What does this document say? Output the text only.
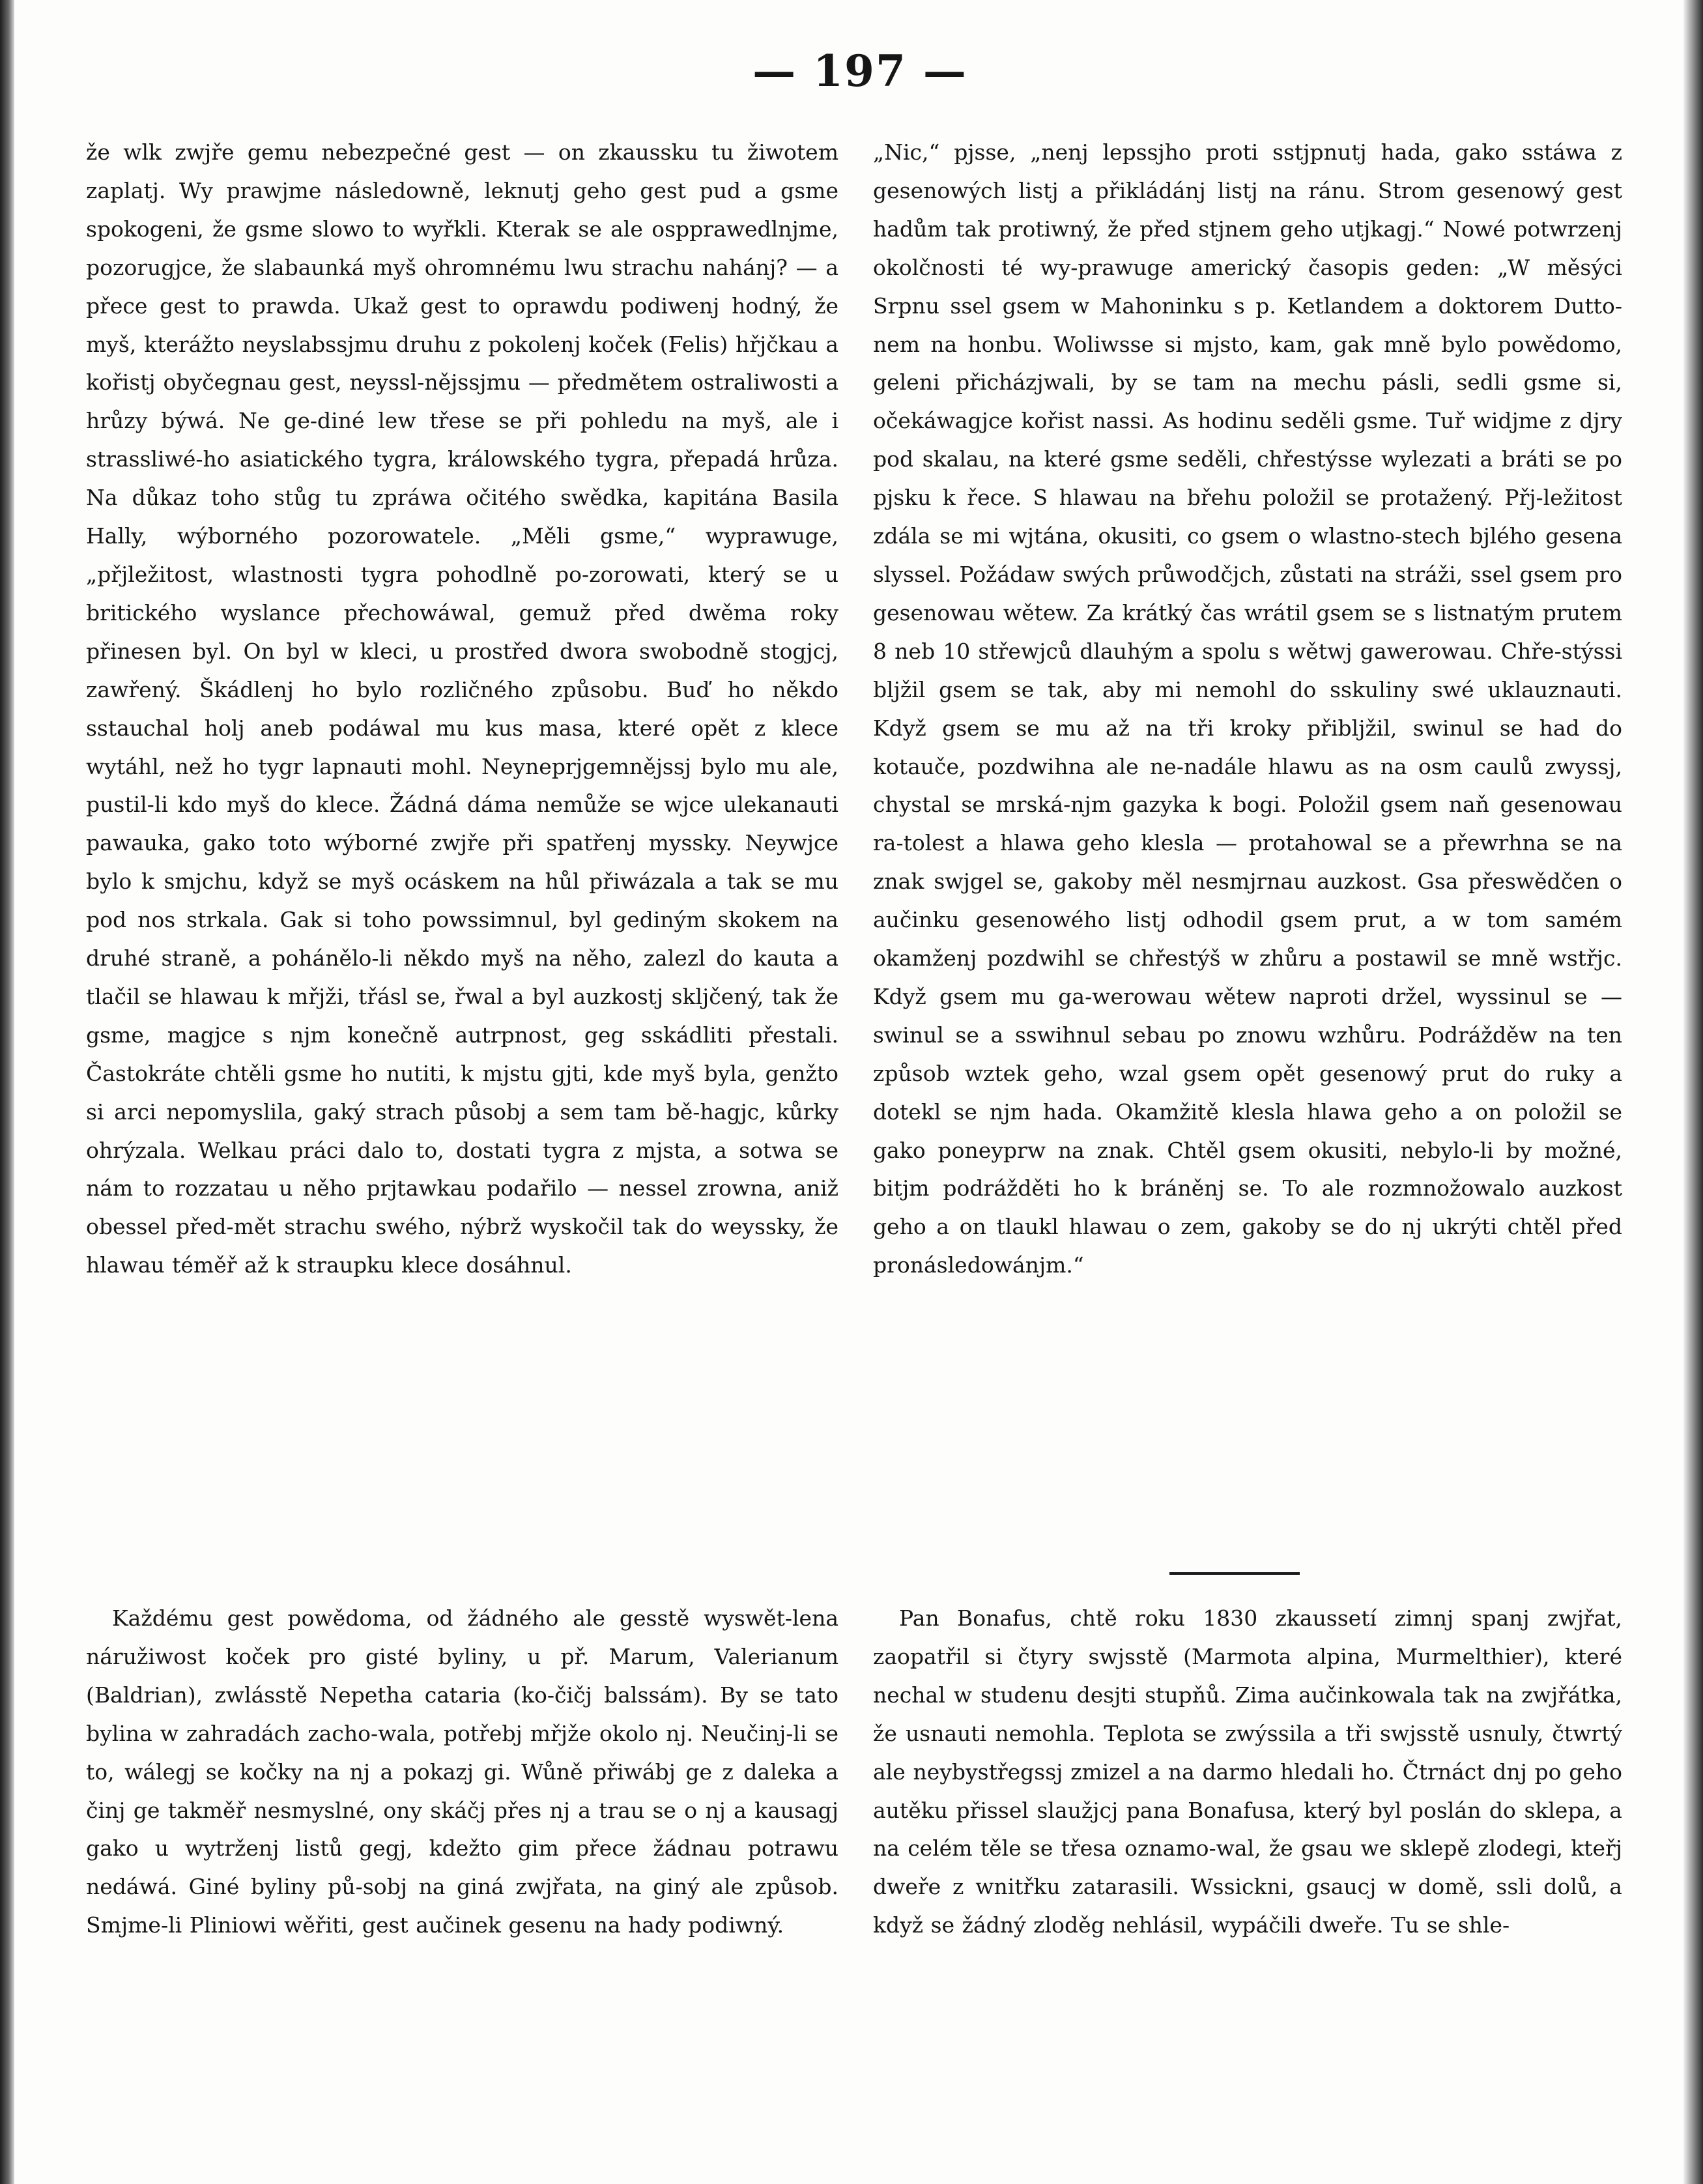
— 197 —

že wlk zwjře gemu nebezpečné gest — on zkaussku tu žiwotem zaplatj. Wy prawjme následowně, leknutj geho gest pud a gsme spokogeni, že gsme slowo to wyřkli. Kterak se ale ospprawedlnjme, pozorugjce, že slabaunká myš ohromnému lwu strachu nahánj? — a přece gest to prawda. Ukaž gest to oprawdu podiwenj hodný, že myš, kterážto neyslabssjmu druhu z pokolenj koček (Felis) hřjčkau a kořistj obyčegnau gest, neyssl-nějssjmu — předmětem ostraliwosti a hrůzy býwá. Ne ge-diné lew třese se při pohledu na myš, ale i strassliwé-ho asiatického tygra, králowského tygra, přepadá hrůza. Na důkaz toho stůg tu zpráwa očitého swědka, kapitána Basila Hally, wýborného pozorowatele. „Měli gsme,“ wyprawuge, „přjležitost, wlastnosti tygra pohodlně po-zorowati, který se u britického wyslance přechowáwal, gemuž před dwěma roky přinesen byl. On byl w kleci, u prostřed dwora swobodně stogjcj, zawřený. Škádlenj ho bylo rozličného způsobu. Buď ho někdo sstauchal holj aneb podáwal mu kus masa, které opět z klece wytáhl, než ho tygr lapnauti mohl. Neyneprjgemnějssj bylo mu ale, pustil-li kdo myš do klece. Žádná dáma nemůže se wjce ulekanauti pawauka, gako toto wýborné zwjře při spatřenj myssky. Neywjce bylo k smjchu, když se myš ocáskem na hůl přiwázala a tak se mu pod nos strkala. Gak si toho powssimnul, byl gediným skokem na druhé straně, a pohánělo-li někdo myš na něho, zalezl do kauta a tlačil se hlawau k mřjži, třásl se, řwal a byl auzkostj skljčený, tak že gsme, magjce s njm konečně autrpnost, geg sskádliti přestali. Častokráte chtěli gsme ho nutiti, k mjstu gjti, kde myš byla, genžto si arci nepomyslila, gaký strach působj a sem tam bě-hagjc, kůrky ohrýzala. Welkau práci dalo to, dostati tygra z mjsta, a sotwa se nám to rozzatau u něho prjtawkau podařilo — nessel zrowna, aniž obessel před-mět strachu swého, nýbrž wyskočil tak do weyssky, že hlawau téměř až k straupku klece dosáhnul.

Každému gest powědoma, od žádného ale gesstě wyswět-lena náružiwost koček pro gisté byliny, u př. Marum, Valerianum (Baldrian), zwlásstě Nepetha cataria (ko-čičj balssám). By se tato bylina w zahradách zacho-wala, potřebj mřjže okolo nj. Neučinj-li se to, wálegj se kočky na nj a pokazj gi. Wůně přiwábj ge z daleka a činj ge takměř nesmyslné, ony skáčj přes nj a trau se o nj a kausagj gako u wytrženj listů gegj, kdežto gim přece žádnau potrawu nedáwá. Giné byliny pů-sobj na giná zwjřata, na giný ale způsob. Smjme-li Pliniowi wěřiti, gest aučinek gesenu na hady podiwný.

„Nic,“ pjsse, „nenj lepssjho proti sstjpnutj hada, gako sstáwa z gesenowých listj a přikládánj listj na ránu. Strom gesenowý gest hadům tak protiwný, že před stjnem geho utjkagj.“ Nowé potwrzenj okolčnosti té wy-prawuge americký časopis geden: „W měsýci Srpnu ssel gsem w Mahoninku s p. Ketlandem a doktorem Dutto-nem na honbu. Woliwsse si mjsto, kam, gak mně bylo powědomo, geleni přicházjwali, by se tam na mechu pásli, sedli gsme si, očekáwagjce kořist nassi. As hodinu seděli gsme. Tuř widjme z djry pod skalau, na které gsme seděli, chřestýsse wylezati a bráti se po pjsku k řece. S hlawau na břehu položil se protažený. Přj-ležitost zdála se mi wjtána, okusiti, co gsem o wlastno-stech bjlého gesena slyssel. Požádaw swých průwodčjch, zůstati na stráži, ssel gsem pro gesenowau wětew. Za krátký čas wrátil gsem se s listnatým prutem 8 neb 10 střewjců dlauhým a spolu s wětwj gawerowau. Chře-stýssi bljžil gsem se tak, aby mi nemohl do sskuliny swé uklauznauti. Když gsem se mu až na tři kroky přibljžil, swinul se had do kotauče, pozdwihna ale ne-nadále hlawu as na osm caulů zwyssj, chystal se mrská-njm gazyka k bogi. Položil gsem naň gesenowau ra-tolest a hlawa geho klesla — protahowal se a přewrhna se na znak swjgel se, gakoby měl nesmjrnau auzkost. Gsa přeswědčen o aučinku gesenowého listj odhodil gsem prut, a w tom samém okamženj pozdwihl se chřestýš w zhůru a postawil se mně wstřjc. Když gsem mu ga-werowau wětew naproti držel, wyssinul se — swinul se a sswihnul sebau po znowu wzhůru. Podrážděw na ten způsob wztek geho, wzal gsem opět gesenowý prut do ruky a dotekl se njm hada. Okamžitě klesla hlawa geho a on položil se gako poneyprw na znak. Chtěl gsem okusiti, nebylo-li by možné, bitjm podrážděti ho k bráněnj se. To ale rozmnožowalo auzkost geho a on tlaukl hlawau o zem, gakoby se do nj ukrýti chtěl před pronásledowánjm.“

Pan Bonafus, chtě roku 1830 zkaussetí zimnj spanj zwjřat, zaopatřil si čtyry swjsstě (Marmota alpina, Murmelthier), které nechal w studenu desjti stupňů. Zima aučinkowala tak na zwjřátka, že usnauti nemohla. Teplota se zwýssila a tři swjsstě usnuly, čtwrtý ale neybystřegssj zmizel a na darmo hledali ho. Čtrnáct dnj po geho autěku přissel slaužjcj pana Bonafusa, který byl poslán do sklepa, a na celém těle se třesa oznamo-wal, že gsau we sklepě zlodegi, kteřj dweře z wnitřku zatarasili. Wssickni, gsaucj w domě, ssli dolů, a když se žádný zloděg nehlásil, wypáčili dweře. Tu se shle-
